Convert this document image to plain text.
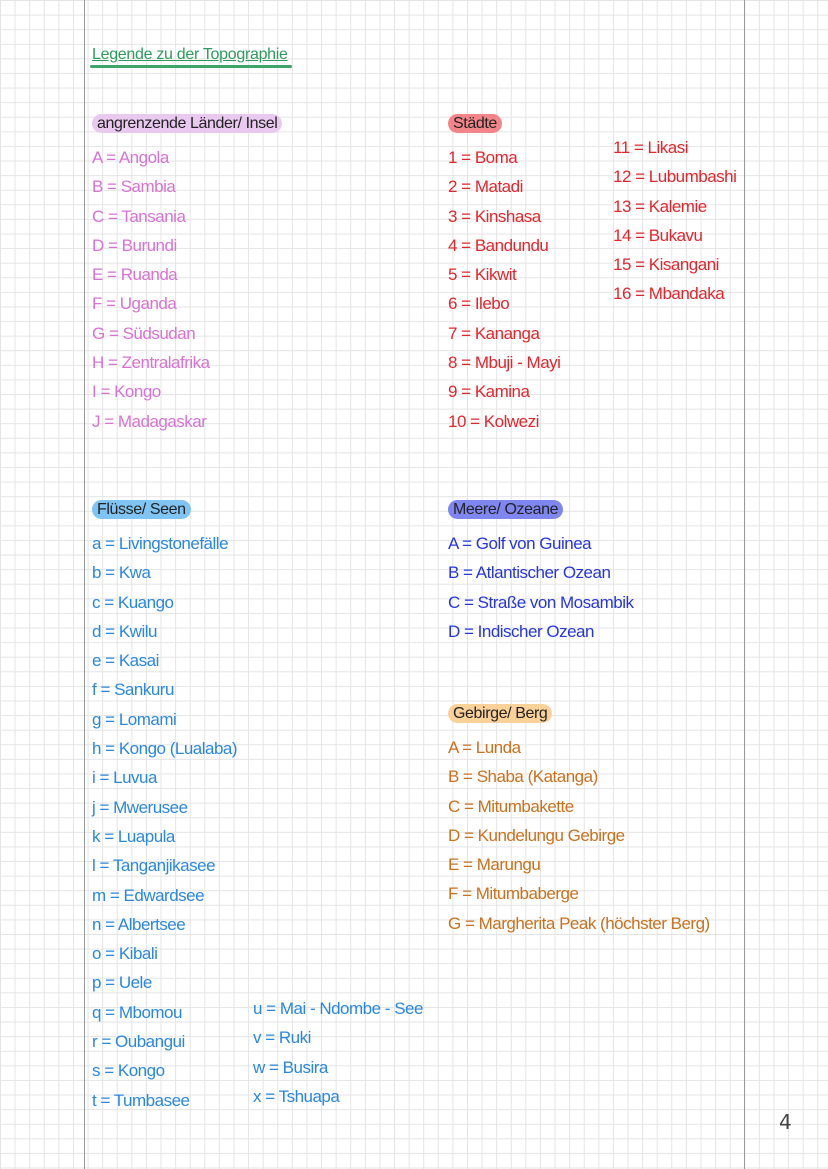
Legende zu der Topographie
angrenzende Länder/ Insel
A = Angola
B = Sambia
C = Tansania
D = Burundi
E = Ruanda
F = Uganda
G = Südsudan
H = Zentralafrika
I = Kongo
J = Madagaskar
Städte
1 = Boma
2 = Matadi
3 = Kinshasa
4 = Bandundu
5 = Kikwit
6 = Ilebo
7 = Kananga
8 = Mbuji - Mayi
9 = Kamina
10 = Kolwezi
11 = Likasi
12 = Lubumbashi
13 = Kalemie
14 = Bukavu
15 = Kisangani
16 = Mbandaka
Flüsse/ Seen
a = Livingstonefälle
b = Kwa
c = Kuango
d = Kwilu
e = Kasai
f = Sankuru
g = Lomami
h = Kongo (Lualaba)
i = Luvua
j = Mwerusee
k = Luapula
l = Tanganjikasee
m = Edwardsee
n = Albertsee
o = Kibali
p = Uele
q = Mbomou
r = Oubangui
s = Kongo
t = Tumbasee
u = Mai - Ndombe - See
v = Ruki
w = Busira
x = Tshuapa
Meere/ Ozeane
A = Golf von Guinea
B = Atlantischer Ozean
C = Straße von Mosambik
D = Indischer Ozean
Gebirge/ Berg
A = Lunda
B = Shaba (Katanga)
C = Mitumbakette
D = Kundelungu Gebirge
E = Marungu
F = Mitumbaberge
G = Margherita Peak (höchster Berg)
4
